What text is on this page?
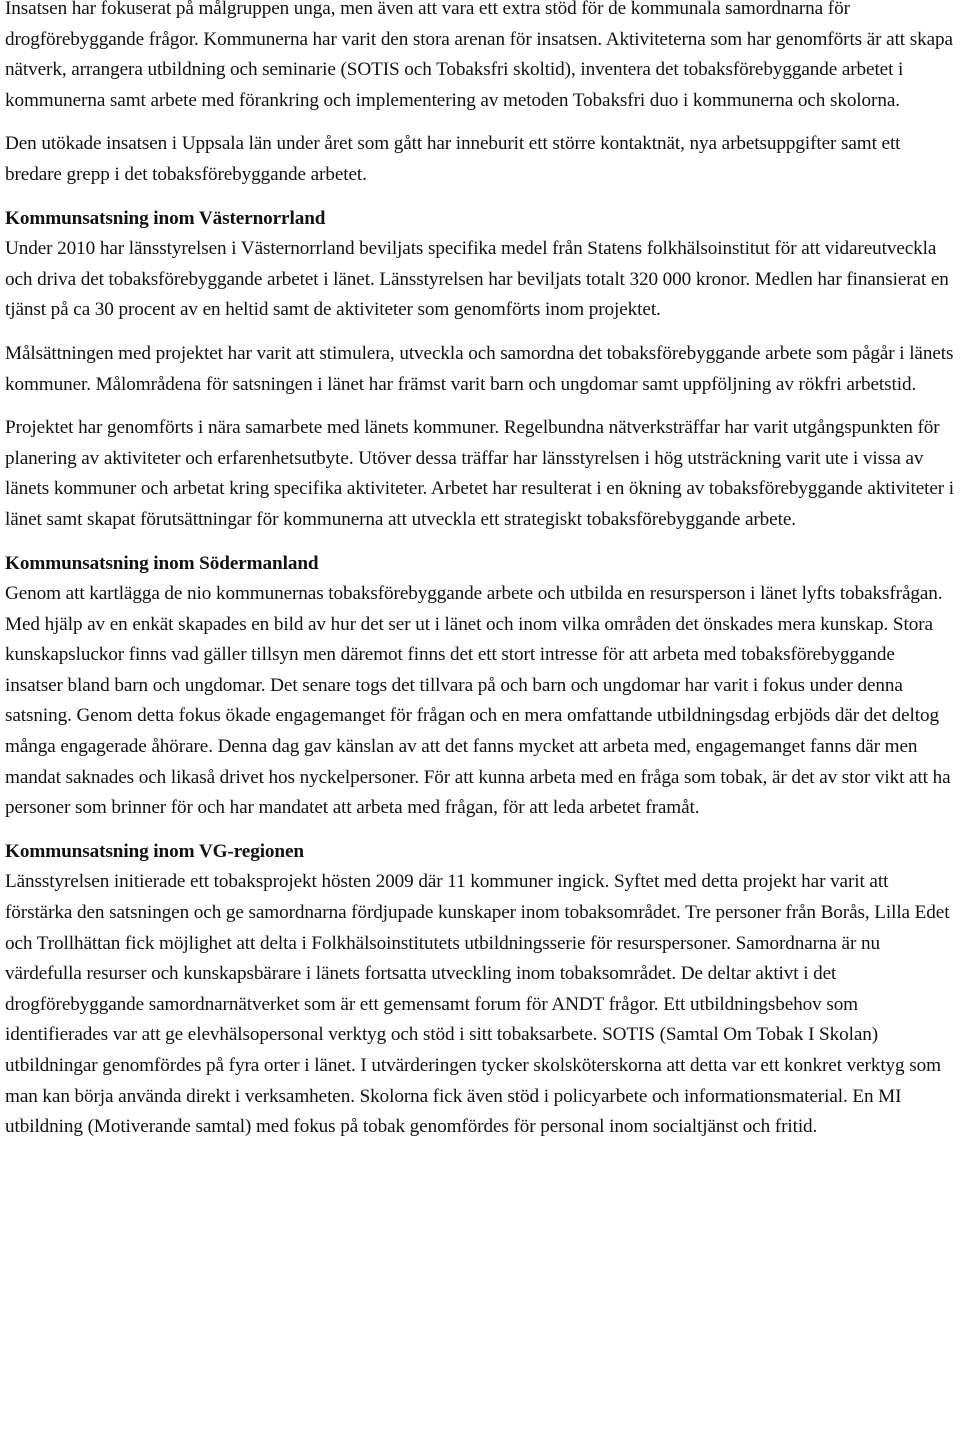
Insatsen har fokuserat på målgruppen unga, men även att vara ett extra stöd för de kommunala samordnarna för drogförebyggande frågor. Kommunerna har varit den stora arenan för insatsen. Aktiviteterna som har genomförts är att skapa nätverk, arrangera utbildning och seminarie (SOTIS och Tobaksfri skoltid), inventera det tobaksförebyggande arbetet i kommunerna samt arbete med förankring och implementering av metoden Tobaksfri duo i kommunerna och skolorna.

Den utökade insatsen i Uppsala län under året som gått har inneburit ett större kontaktnät, nya arbetsuppgifter samt ett bredare grepp i det tobaksförebyggande arbetet.

Kommunsatsning inom Västernorrland

Under 2010 har länsstyrelsen i Västernorrland beviljats specifika medel från Statens folkhälsoinstitut för att vidareutveckla och driva det tobaksförebyggande arbetet i länet. Länsstyrelsen har beviljats totalt 320 000 kronor. Medlen har finansierat en tjänst på ca 30 procent av en heltid samt de aktiviteter som genomförts inom projektet.

Målsättningen med projektet har varit att stimulera, utveckla och samordna det tobaksförebyggande arbete som pågår i länets kommuner. Målområdena för satsningen i länet har främst varit barn och ungdomar samt uppföljning av rökfri arbetstid.

Projektet har genomförts i nära samarbete med länets kommuner. Regelbundna nätverksträffar har varit utgångspunkten för planering av aktiviteter och erfarenhetsutbyte. Utöver dessa träffar har länsstyrelsen i hög utsträckning varit ute i vissa av länets kommuner och arbetat kring specifika aktiviteter. Arbetet har resulterat i en ökning av tobaksförebyggande aktiviteter i länet samt skapat förutsättningar för kommunerna att utveckla ett strategiskt tobaksförebyggande arbete.

Kommunsatsning inom Södermanland

Genom att kartlägga de nio kommunernas tobaksförebyggande arbete och utbilda en resursperson i länet lyfts tobaksfrågan. Med hjälp av en enkät skapades en bild av hur det ser ut i länet och inom vilka områden det önskades mera kunskap. Stora kunskapsluckor finns vad gäller tillsyn men däremot finns det ett stort intresse för att arbeta med tobaksförebyggande insatser bland barn och ungdomar. Det senare togs det tillvara på och barn och ungdomar har varit i fokus under denna satsning. Genom detta fokus ökade engagemanget för frågan och en mera omfattande utbildningsdag erbjöds där det deltog många engagerade åhörare. Denna dag gav känslan av att det fanns mycket att arbeta med, engagemanget fanns där men mandat saknades och likaså drivet hos nyckelpersoner. För att kunna arbeta med en fråga som tobak, är det av stor vikt att ha personer som brinner för och har mandatet att arbeta med frågan, för att leda arbetet framåt.

Kommunsatsning inom VG-regionen

Länsstyrelsen initierade ett tobaksprojekt hösten 2009 där 11 kommuner ingick. Syftet med detta projekt har varit att förstärka den satsningen och ge samordnarna fördjupade kunskaper inom tobaksområdet. Tre personer från Borås, Lilla Edet och Trollhättan fick möjlighet att delta i Folkhälsoinstitutets utbildningsserie för resurspersoner. Samordnarna är nu värdefulla resurser och kunskapsbärare i länets fortsatta utveckling inom tobaksområdet. De deltar aktivt i det drogförebyggande samordnarnätverket som är ett gemensamt forum för ANDT frågor. Ett utbildningsbehov som identifierades var att ge elevhälsopersonal verktyg och stöd i sitt tobaksarbete. SOTIS (Samtal Om Tobak I Skolan) utbildningar genomfördes på fyra orter i länet. I utvärderingen tycker skolsköterskorna att detta var ett konkret verktyg som man kan börja använda direkt i verksamheten. Skolorna fick även stöd i policyarbete och informationsmaterial. En MI utbildning (Motiverande samtal) med fokus på tobak genomfördes för personal inom socialtjänst och fritid.
